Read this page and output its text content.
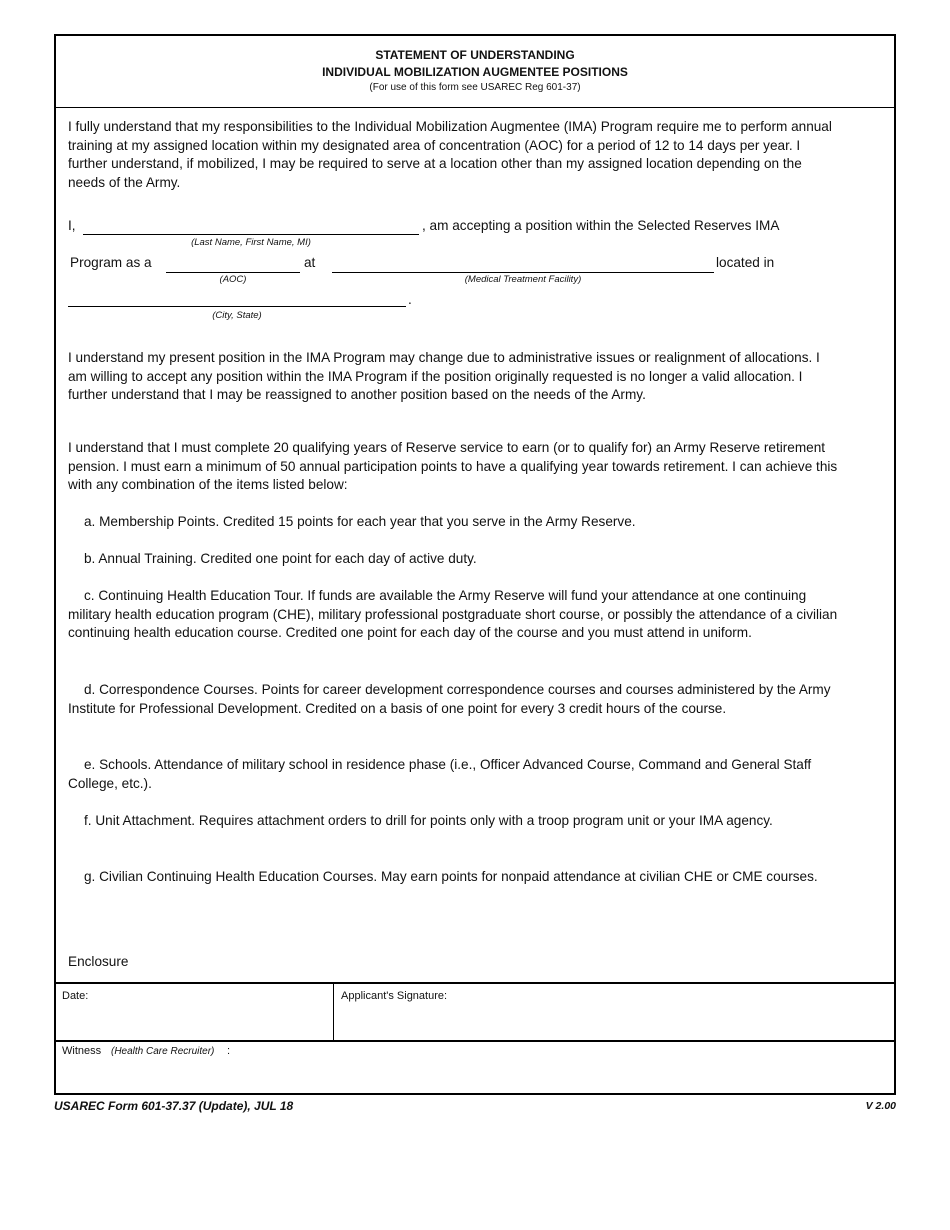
STATEMENT OF UNDERSTANDING
INDIVIDUAL MOBILIZATION AUGMENTEE POSITIONS
(For use of this form see USAREC Reg 601-37)

I fully understand that my responsibilities to the Individual Mobilization Augmentee (IMA) Program require me to perform annual training at my assigned location within my designated area of concentration (AOC) for a period of 12 to 14 days per year. I further understand, if mobilized, I may be required to serve at a location other than my assigned location depending on the needs of the Army.

I,	, am accepting a position within the Selected Reserves IMA
(Last Name, First Name, MI)
Program as a	at	located in
(AOC)	(Medical Treatment Facility)
.
(City, State)

I understand my present position in the IMA Program may change due to administrative issues or realignment of allocations. I am willing to accept any position within the IMA Program if the position originally requested is no longer a valid allocation. I further understand that I may be reassigned to another position based on the needs of the Army.

I understand that I must complete 20 qualifying years of Reserve service to earn (or to qualify for) an Army Reserve retirement pension. I must earn a minimum of 50 annual participation points to have a qualifying year towards retirement. I can achieve this with any combination of the items listed below:

a. Membership Points. Credited 15 points for each year that you serve in the Army Reserve.

b. Annual Training. Credited one point for each day of active duty.

c. Continuing Health Education Tour. If funds are available the Army Reserve will fund your attendance at one continuing military health education program (CHE), military professional postgraduate short course, or possibly the attendance of a civilian continuing health education course. Credited one point for each day of the course and you must attend in uniform.

d. Correspondence Courses. Points for career development correspondence courses and courses administered by the Army Institute for Professional Development. Credited on a basis of one point for every 3 credit hours of the course.

e. Schools. Attendance of military school in residence phase (i.e., Officer Advanced Course, Command and General Staff College, etc.).

f. Unit Attachment. Requires attachment orders to drill for points only with a troop program unit or your IMA agency.

g. Civilian Continuing Health Education Courses. May earn points for nonpaid attendance at civilian CHE or CME courses.

Enclosure
Date:	Applicant's Signature:
Witness (Health Care Recruiter) :
USAREC Form 601-37.37 (Update), JUL 18	V 2.00
